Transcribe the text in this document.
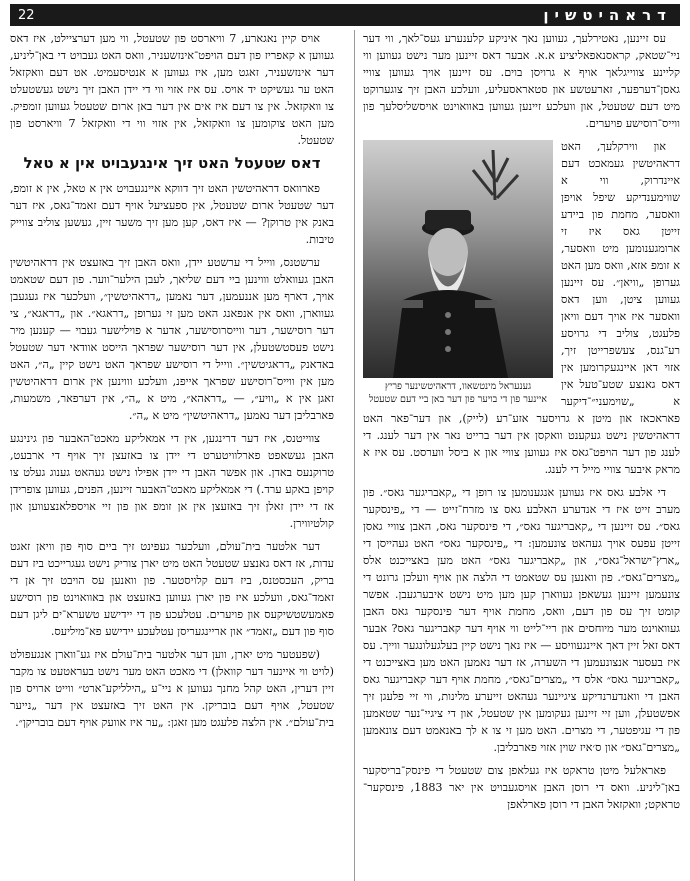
דראהיטשין
22

עס זיינען, נאטירלעך, געווען נאך איניקע קלענערע געס־לאך, ווי דער ניי־שטאק, קראסנאפאליציע א.א. אבער דאס זיינען מער נישט געווען ווי קליינע צווייגלאך אויף א גרויסן בוים. עס זיינען אויך געווען צוויי גאסן־דערפער, זארעטשע און סטאראסעליע, וועלכע האבן זיך צוגערוקט מיט דעם שטעטל, און וועלכע זיינען געווען באוואוינט אויסשליסלעך פון ווייס־רוסישע פויערים.

גענעראל מינטשאוו, דראהיטשינער פריץ
איינער פון די בויער פון דער באן ביי דעם שטעטל

און ווירקלעך, האט דראהיטשין געמאכט דעם איינדרוק, ווי א שווימענדיקע שיפל אויפן וואסער, מחמת פון ביידע זייטן גאס איז זי ארומגענומען מיט וואסער, א זומפ אזא, וואס מען האט גערופן „וויאן״. עס זיינען געווען ציטן, ווען דאס וואסער איז אויך דעם וויאן פלעגט, צוליב די גרויסע רע־גנס, צעשפרייטן זיך, אזוי דאן איינגעקרומען אין דאס גאנצע שטע־טעל אין א „שוימעני״־דיקער פאראכאז און מיטן א גרויסער אזע־רע (לייק), און דער־פאר האט דראהיטשין נישט געקענט וואקסן אין דער ברייט נאר אין דער לענג. די לענג פון דער הויפט־גאס איז געווען צוויי און א ביסל ווערסט. עס איז א מראק איבער צוויי מייל די לענג.

די אלבע גאס איז געווען אנגענומען צו רופן די „קאבריגער גאס״. פון מערב זייט איז די אנדערע האלבע גאס צו מזרח־זייט — די „פינסקער גאס״. עס זיינען די „קאבריגער גאס״, די פינסקער גאס, האבן צוויי גאסן זייטן עפעס אויך געהאט צונעמען: די „פינסקער גאס״ האט געהייסן די „ארץ־ישראל־גאס״, און „קאבריגער גאס״ האט מען באצייכנט אלס „מצרים־גאס״. פון וואנען עס שטאמט די הלצה און אויף וועלכן גרונט די צונעמען זיינען געשאפן געווארן קען מען מיט נישט איבערגעבן. אפשר קומט זיך עס פון דעם, וואס, מחמת אויף דער פינסקער גאס האבן געוואוינט מער מיוחסים און ריי־לייט ווי אויף דער קאבריגער גאס? אבער דאס זאל זיין דאך איינגעוויסע — איז נאך נישט קיין בעלגעלונגער ווייך. עס איז בעסער אנצונעמען די השערה, אז דער נאמען האט מען באצייכנט די „קאבריגער גאס״ אלס די „מצרים־גאס״, מחמת אויף דער קאבריגער גאס האבן די וואנדערנדיקע ציגיינער געהאט זייערע מלינות, ווי זיי פלעגן זיך אפשטעלן, ווען זיי זיינען געקומען אין שטעטל, און די ציגיי־נער שטאמען פון די עגיפטער, די מצרים. האט מען זי צו א לך באנאמט דעם צונאמען „מצרים־גאס״ און ס׳איז שוין אזוי פארבליבן.

פאראלעל מיטן טראקט איז געלאפן צום שטעטל די פינסק־בריסקער באן־ליניע. וואס די רוסן האבן אויסגעבויט אין יאר 1883, פינסקער־ טראקט; וואקזאל האבן די רוסן פארלאפן

אויס קיין נאגארע, 7 וויארסט פון שטעטל, ווי מען דערציילט, איז דאס געווען א קאפריז פון דעם הויפט־אינזשעניר, וואס האט געבויט די באן־ליניע, דער אינזשעניר, זאגט מען, איז געווען א אנטיסעמיט. אט דעם וואקזאל האט ער געשיקט יד אויס. עס איז אזוי ווי די יידן האבן זיך נישט געשטעלט צו וואקזאל. אין צו דעם איז אים אין דער באן ארום שטעטל געווען זומפיק. מען האט צוקומען צו וואקזאל, אין אזוי ווי די וואקזאל 7 וויארסט פון שטעטל.

דאס שטעטל האט זיך אינגעבויט אין א טאל

פארוואס דראהיטשין האט זיך דווקא איינגעבויט אין א טאל, אין א זומפ, דער שטעטל ארום שטעטל, אין ספעציעל אויף דעם זאמד־גאס, איז דער באנק אין טרוקן? — איז דאס, קען מען זיך משער זיין, געשען צוליב צווייק טיבות.

ערשטנס, ווייל די ערשטע יידן, וואס האבן זיך באזעצט אין דראהיטשין האבן געוואלט וווינען ביי דעם שליאך, לעבן הילער־ווער. פון דעם שטאמט אויך, דארף מען אננעמען, דער נאמען „דראהיטשין״, וועלכער איז געגעבן געווארן, וואס אין אנפאנג האט מען זי גערופן „דראגא״. און „דראגא״, צי דער רוסישער, דער ווייסרוסישער, אדער א פוילישער געבוי — קענען מיר נישט פעסטשטעלן, אין דער רוסישער שפראך הייסט אוודאי דער שטעטל באדאנק „דראגיטשין״. ווייל די רוסישע שפראך האט נישט קיין „ה״, האט מען אין ווייס־רוסישע שפראך אייפנ, וועלכע וווינען אין ארום דראהיטשין זאגן אין א „וויע״, — „דראהא״, מיט א „ה״, אין דערפאר, משמעות, פארבליבן דער נאמען „דראהיטשין״ מיט א „ה״.

צווייטנס, איז דער דרינגען, אין די אמאליקע מאכט־האבער פון גינינגע האבן געשאפט פארלוויטערט די יידן צו באזעצן זיך אויף די ארבעט, טרוקנעס באדן. און אפשר האבן די יידן אפילו נישט געהאט גענוג געלט צו קויפן באקע ערד.) די אמאליקע מאכט־האבער זיינען, הפנים, געווען צופרידן אז די יידן זאלן זיך באזעצן אין אן זומפ און פון זיי אויספלאנצעווען און קולטיווירן.

דער אלטער בית־עולם, וועלכער געפינט זיך ביים סוף פון וויאן זאגט עדות, אז דאס גאנצע שטעטל האט מיט יארן צוריק נישט געגרייכט ביז דעם בריק, העכסטנס, ביז דעם קלויסטער. פון וואנען עס הויבט זיך אן די זאמד־גאס, וועלכע איז פון יארן געווען באזעצט און באוואוינט פון רוסישע פאמעשטשיקעס און פויערים. עטלעכע פון די יידישע טשערא־ים ליגן דעם סוף פון דעם „זאמד״ און אריינגעריסן עטלעכע יידישע פא־מיליעס.

(שפעטער מיט יארן, ווען דער אלטער בית־עולם איז גע־ווארן אנגעפולט (לויט ווי איינער דער קוואלן) די מאכט האט מער נישט בעראטעט צו מקבר זיין דערין, האט קהל מחנך געווען א ניי־ע „הילליקע־ארט״ ווייט ארויס פון שטעטל, אויף דעם בובריקן. אין האט זיך באזעצט אין דער „נייער בית־עולם״. אין הלצה פלעגט מען זאגן: „ער איז אוועק אויף דעם בובריקן״.
